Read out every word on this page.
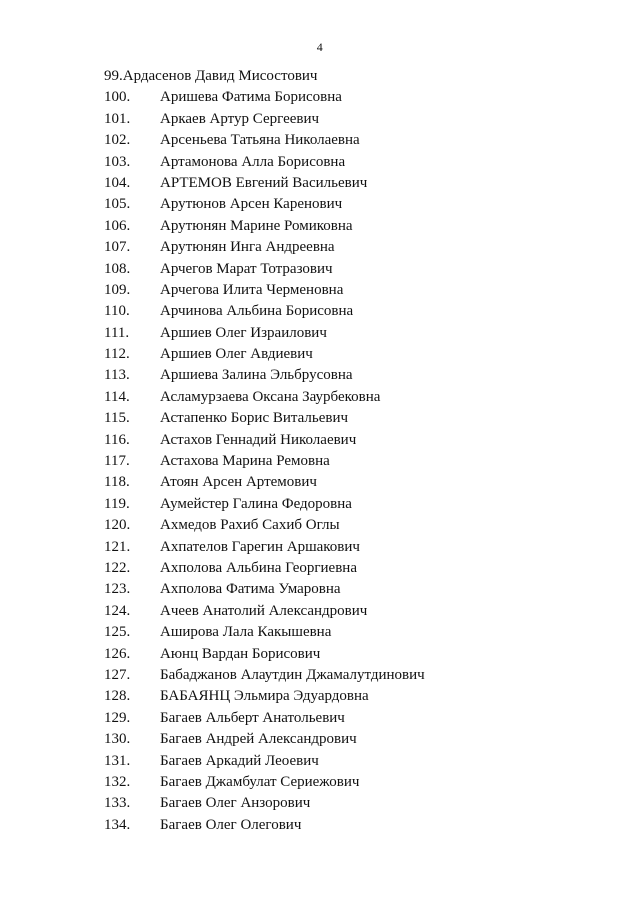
4
99.Ардасенов Давид Мисостович
100.	Аришева Фатима Борисовна
101.	Аркаев Артур Сергеевич
102.	Арсеньева Татьяна Николаевна
103.	Артамонова Алла Борисовна
104.	АРТЕМОВ Евгений Васильевич
105.	Арутюнов Арсен Каренович
106.	Арутюнян Марине Ромиковна
107.	Арутюнян Инга Андреевна
108.	Арчегов Марат Тотразович
109.	Арчегова Илита Черменовна
110.	Арчинова Альбина Борисовна
111.	Аршиев Олег Израилович
112.	Аршиев Олег Авдиевич
113.	Аршиева Залина Эльбрусовна
114.	Асламурзаева Оксана Заурбековна
115.	Астапенко Борис Витальевич
116.	Астахов Геннадий Николаевич
117.	Астахова Марина Ремовна
118.	Атоян Арсен Артемович
119.	Аумейстер Галина Федоровна
120.	Ахмедов Рахиб Сахиб Оглы
121.	Ахпателов Гарегин Аршакович
122.	Ахполова Альбина Георгиевна
123.	Ахполова Фатима Умаровна
124.	Ачеев Анатолий Александрович
125.	Аширова Лала Какышевна
126.	Аюнц Вардан Борисович
127.	Бабаджанов Алаутдин Джамалутдинович
128.	БАБАЯНЦ Эльмира Эдуардовна
129.	Багаев Альберт Анатольевич
130.	Багаев Андрей Александрович
131.	Багаев Аркадий Леоевич
132.	Багаев Джамбулат Сериежович
133.	Багаев Олег Анзорович
134.	Багаев Олег Олегович
